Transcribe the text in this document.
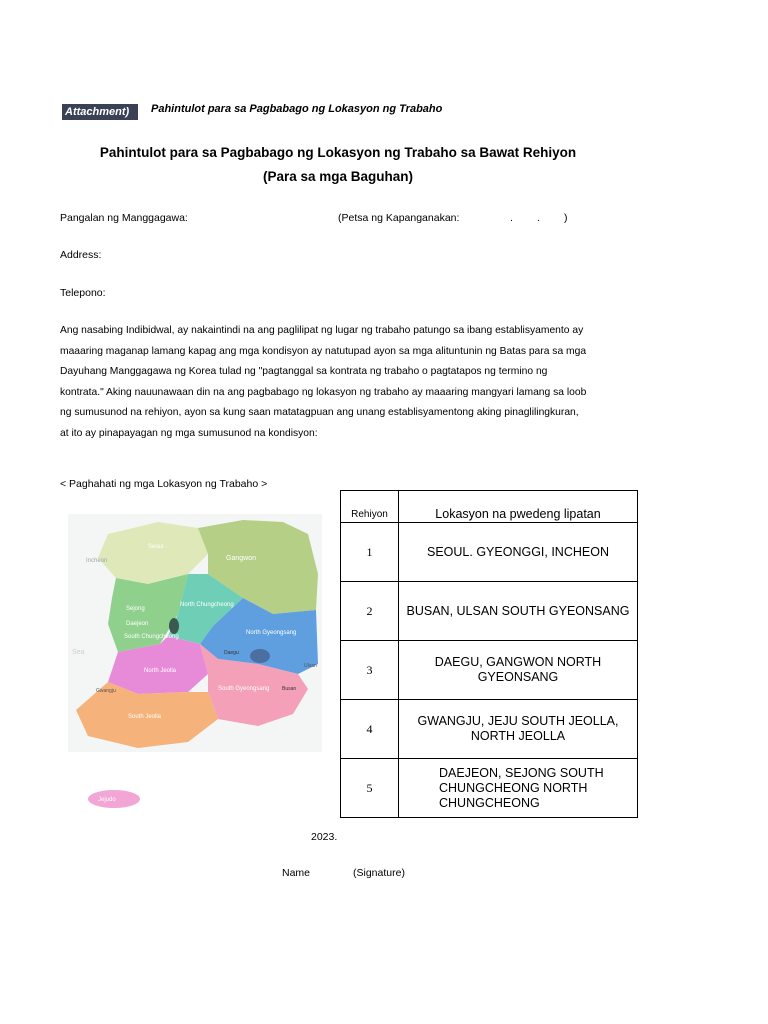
Attachment)	Pahintulot para sa Pagbabago ng Lokasyon ng Trabaho
Pahintulot para sa Pagbabago ng Lokasyon ng Trabaho sa Bawat Rehiyon
(Para sa mga Baguhan)
Pangalan ng Manggagawa:	(Petsa ng Kapanganakan:	. . )
Address:
Telepono:
Ang nasabing Indibidwal, ay nakaintindi na ang paglilipat ng lugar ng trabaho patungo sa ibang establisyamento ay
maaaring maganap lamang kapag ang mga kondisyon ay natutupad ayon sa mga alituntunin ng Batas para sa mga
Dayuhang Manggagawa ng Korea tulad ng "pagtanggal sa kontrata ng trabaho o pagtatapos ng termino ng
kontrata." Aking nauunawaan din na ang pagbabago ng lokasyon ng trabaho ay maaaring mangyari lamang sa loob
ng sumusunod na rehiyon, ayon sa kung saan matatagpuan ang unang establisyamentong aking pinaglilingkuran,
at ito ay pinapayagan ng mga sumusunod na kondisyon:
< Paghahati ng mga Lokasyon ng Trabaho >
Seoul
Incheon	Gangwon
Sejong
Daejeon
North Chungcheong
South Chungcheong
North Gyeongsang
Daegu
Ulsan
Busan
North Jeolla
South Gyeongsang
South Jeolla
Gwangju
Sea
Jejudo
Rehiyon	Lokasyon na pwedeng lipatan
1	SEOUL. GYEONGGI, INCHEON
2	BUSAN, ULSAN SOUTH GYEONSANG
3	DAEGU, GANGWON NORTH GYEONSANG
4	GWANGJU, JEJU SOUTH JEOLLA, NORTH JEOLLA
5	DAEJEON, SEJONG SOUTH CHUNGCHEONG NORTH CHUNGCHEONG
2023.
Name	(Signature)
